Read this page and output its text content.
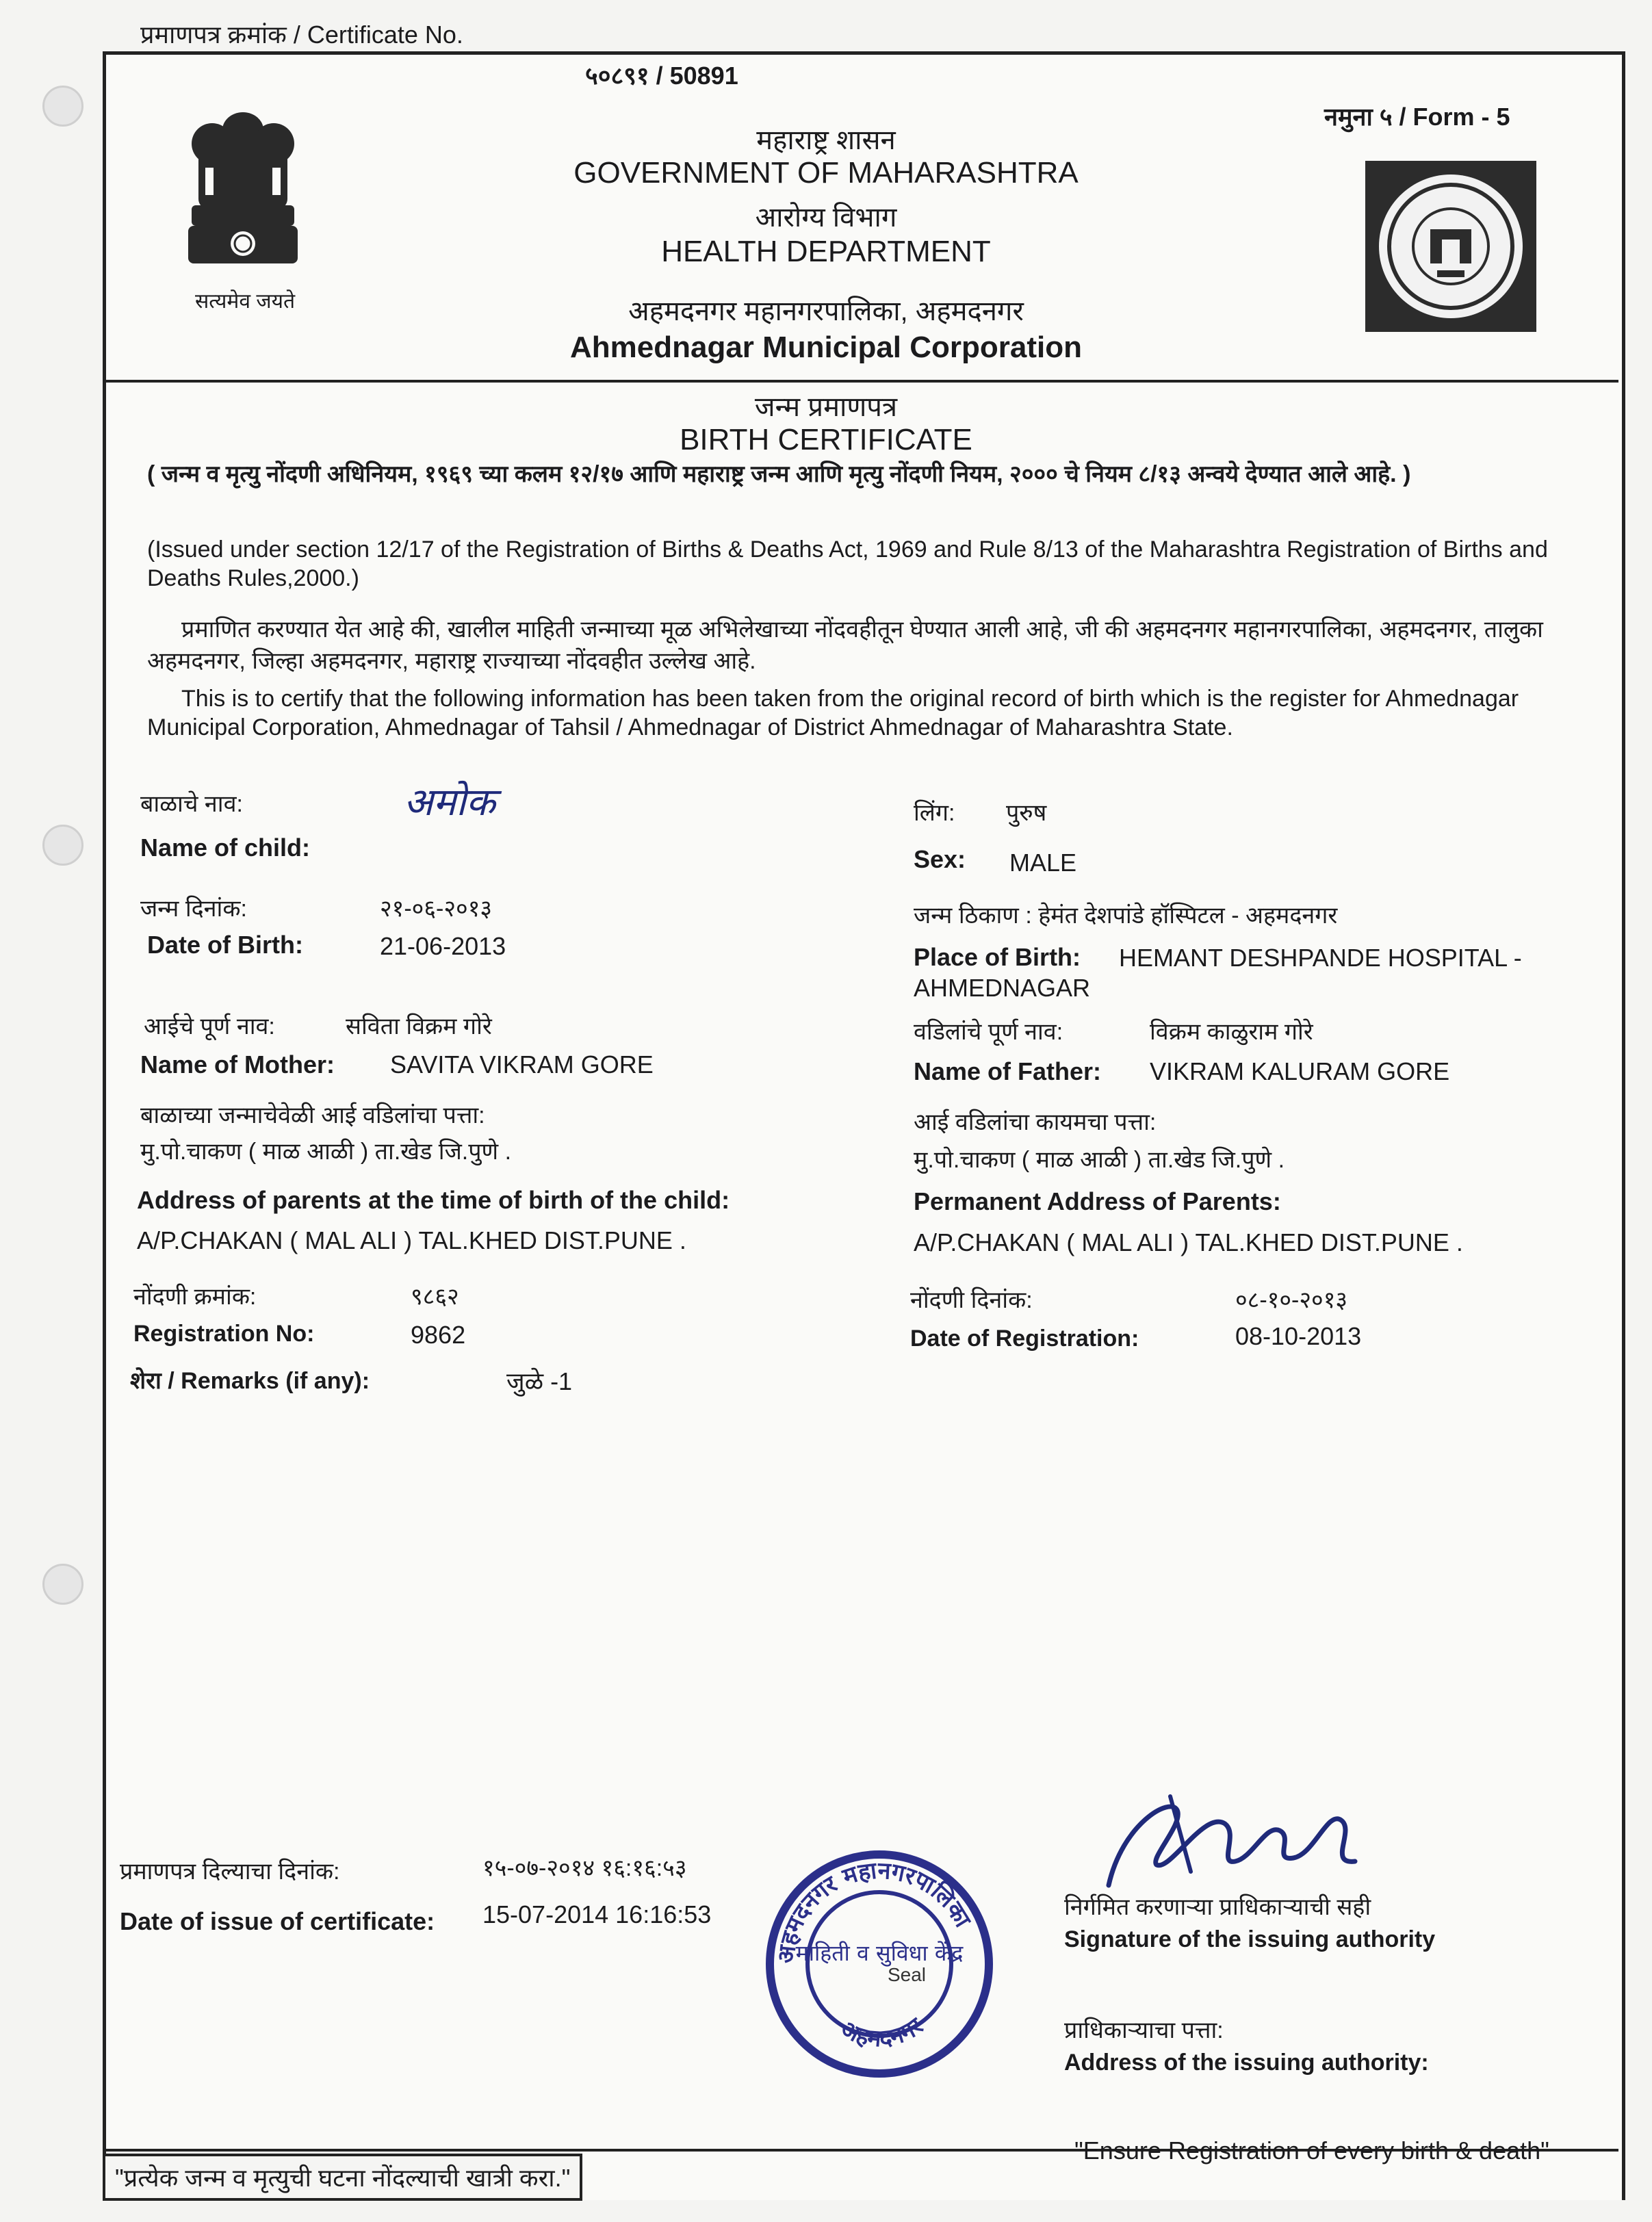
प्रमाणपत्र क्रमांक / Certificate No.
५०८९१ / 50891
नमुना ५ / Form - 5
सत्यमेव जयते
महाराष्ट्र शासन
GOVERNMENT OF MAHARASHTRA
आरोग्य विभाग
HEALTH DEPARTMENT
अहमदनगर महानगरपालिका, अहमदनगर
Ahmednagar Municipal Corporation
जन्म प्रमाणपत्र
BIRTH CERTIFICATE
( जन्म व मृत्यु नोंदणी अधिनियम, १९६९ च्या कलम १२/१७ आणि महाराष्ट्र जन्म आणि मृत्यु नोंदणी नियम, २००० चे नियम ८/१३ अन्वये देण्यात आले आहे. )
(Issued under section 12/17 of the Registration of Births & Deaths Act, 1969 and Rule 8/13 of the Maharashtra Registration of Births and Deaths Rules,2000.)
प्रमाणित करण्यात येत आहे की, खालील माहिती जन्माच्या मूळ अभिलेखाच्या नोंदवहीतून घेण्यात आली आहे, जी की अहमदनगर महानगरपालिका, अहमदनगर, तालुका अहमदनगर, जिल्हा अहमदनगर, महाराष्ट्र राज्याच्या नोंदवहीत उल्लेख आहे.
This is to certify that the following information has been taken from the original record of birth which is the register for Ahmednagar Municipal Corporation, Ahmednagar of Tahsil / Ahmednagar of District Ahmednagar of Maharashtra State.
बाळाचे नाव:	अमोक
Name of child:
जन्म दिनांक:	२१-०६-२०१३
Date of Birth:	21-06-2013
आईचे पूर्ण नाव:	सविता विक्रम गोरे
Name of Mother: SAVITA VIKRAM GORE
बाळाच्या जन्माचेवेळी आई वडिलांचा पत्ता:
मु.पो.चाकण ( माळ आळी ) ता.खेड जि.पुणे .
Address of parents at the time of birth of the child:
A/P.CHAKAN ( MAL ALI ) TAL.KHED DIST.PUNE .
नोंदणी क्रमांक:	९८६२
Registration No:	9862
शेरा / Remarks (if any):	जुळे -1
लिंग: पुरुष
Sex: MALE
जन्म ठिकाण : हेमंत देशपांडे हॉस्पिटल - अहमदनगर
Place of Birth:	HEMANT DESHPANDE HOSPITAL - AHMEDNAGAR
वडिलांचे पूर्ण नाव:	विक्रम काळुराम गोरे
Name of Father: VIKRAM KALURAM GORE
आई वडिलांचा कायमचा पत्ता:
मु.पो.चाकण ( माळ आळी ) ता.खेड जि.पुणे .
Permanent Address of Parents:
A/P.CHAKAN ( MAL ALI ) TAL.KHED DIST.PUNE .
नोंदणी दिनांक:	०८-१०-२०१३
Date of Registration:	08-10-2013
प्रमाणपत्र दिल्याचा दिनांक:	१५-०७-२०१४ १६:१६:५३
Date of issue of certificate: 15-07-2014 16:16:53
अहमदनगर महानगरपालिका
अहमदनगर
माहिती व सुविधा केंद्र
Seal
निर्गमित करणाऱ्या प्राधिकाऱ्याची सही
Signature of the issuing authority
प्राधिकाऱ्याचा पत्ता:
Address of the issuing authority:
"प्रत्येक जन्म व मृत्युची घटना नोंदल्याची खात्री करा."
"Ensure Registration of every birth & death"
